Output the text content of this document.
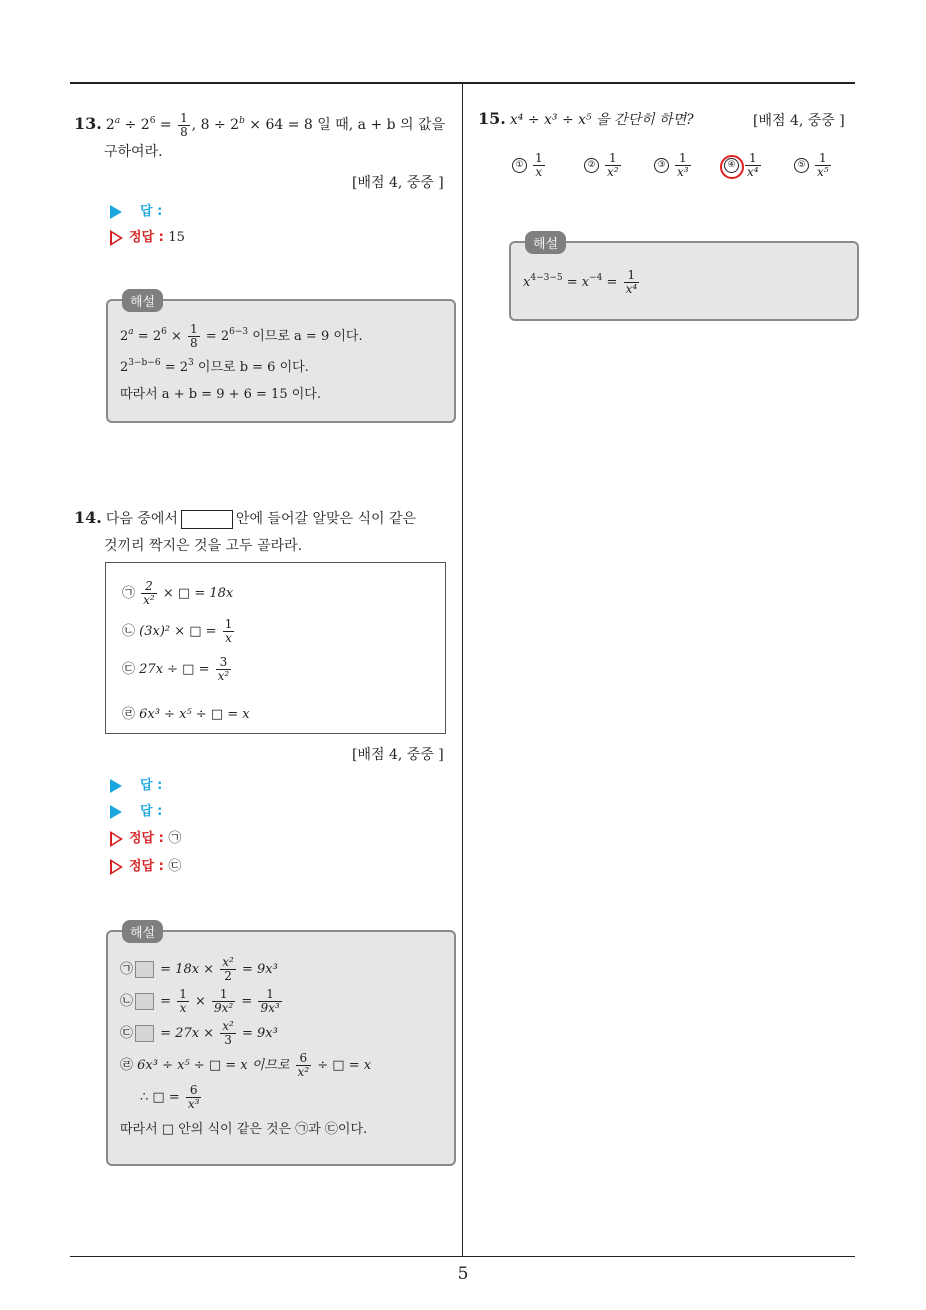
13. $2^a \div 2^6 = \frac{1}{8}$ , $8 \div 2^b \times 64 = 8$ 일 때, a + b 의 값을
구하여라.
[배점 4, 중중 ]
답 :
정답 : 15
해설
$2^a = 2^6 \times \frac{1}{8} = 2^{6-3}$ 이므로 a = 9 이다.
$2^{3-b-6} = 2^3$ 이므로 b = 6 이다.
따라서 a + b = 9 + 6 = 15 이다.
14. 다음 중에서	안에 들어갈 알맞은 식이 같은
것끼리 짝지은 것을 고두 골라라.
㉠ $\frac{2}{\text{x²}}$ × □ = 18x
㉡ (3x)² × □ = $\frac{1}{x}$
㉢ 27x ÷ □ = $\frac{3}{\text{x²}}$
㉣ 6x³ ÷ x⁵ ÷ □ = x
[배점 4, 중중 ]
답 :
답 :
정답 : ㉠
정답 : ㉢
해설
㉠ = $18x \times \frac{\text{x²}}{2} = 9x^3$
㉡ = $\frac{1}{x} \times \frac{1}{\text{9x²}} = \frac{1}{\text{9x³}}$
㉢ = $27x \times \frac{\text{x²}}{3} = 9x^3$
㉣ 6x³ ÷ x⁵ ÷ □ = x 이므로 $\frac{6}{\text{x²}}$ ÷ □ = x
∴ □ = $\frac{6}{\text{x³}}$
따라서 □ 안의 식이 같은 것은 ㉠과 ㉢이다.
15. x⁴ ÷ x³ ÷ x⁵ 을 간단히 하면?	[배점 4, 중중 ]
① $\frac{1}{x}$	② $\frac{1}{\text{x²}}$	③ $\frac{1}{\text{x³}}$	④ $\frac{1}{\text{x⁴}}$	⑤ $\frac{1}{\text{x⁵}}$
해설
$x^{4-3-5} = x^{-4} = \frac{1}{\text{x⁴}}$
5
